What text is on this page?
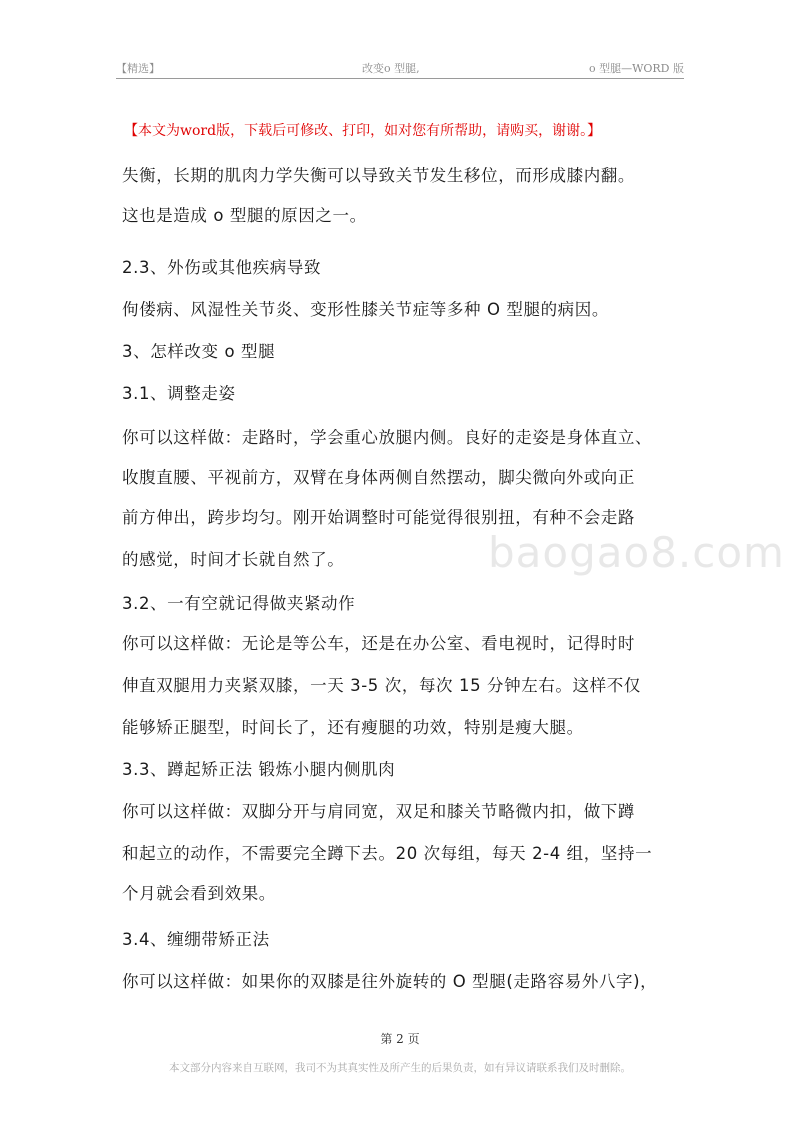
【精选】	改变o 型腿,	o 型腿—WORD 版
【本文为word版，下载后可修改、打印，如对您有所帮助，请购买，谢谢。】
失衡，长期的肌肉力学失衡可以导致关节发生移位，而形成膝内翻。
这也是造成 o 型腿的原因之一。
2.3、外伤或其他疾病导致
佝偻病、风湿性关节炎、变形性膝关节症等多种 O 型腿的病因。
3、怎样改变 o 型腿
3.1、调整走姿
你可以这样做：走路时，学会重心放腿内侧。良好的走姿是身体直立、
收腹直腰、平视前方，双臂在身体两侧自然摆动，脚尖微向外或向正
前方伸出，跨步均匀。刚开始调整时可能觉得很别扭，有种不会走路
的感觉，时间才长就自然了。
3.2、一有空就记得做夹紧动作
你可以这样做：无论是等公车，还是在办公室、看电视时，记得时时
伸直双腿用力夹紧双膝，一天 3-5 次，每次 15 分钟左右。这样不仅
能够矫正腿型，时间长了，还有瘦腿的功效，特别是瘦大腿。
3.3、蹲起矫正法 锻炼小腿内侧肌肉
你可以这样做：双脚分开与肩同宽，双足和膝关节略微内扣，做下蹲
和起立的动作，不需要完全蹲下去。20 次每组，每天 2-4 组，坚持一
个月就会看到效果。
3.4、缠绷带矫正法
你可以这样做：如果你的双膝是往外旋转的 O 型腿(走路容易外八字)，
baogao8.com
第 2 页
本文部分内容来自互联网，我司不为其真实性及所产生的后果负责，如有异议请联系我们及时删除。
